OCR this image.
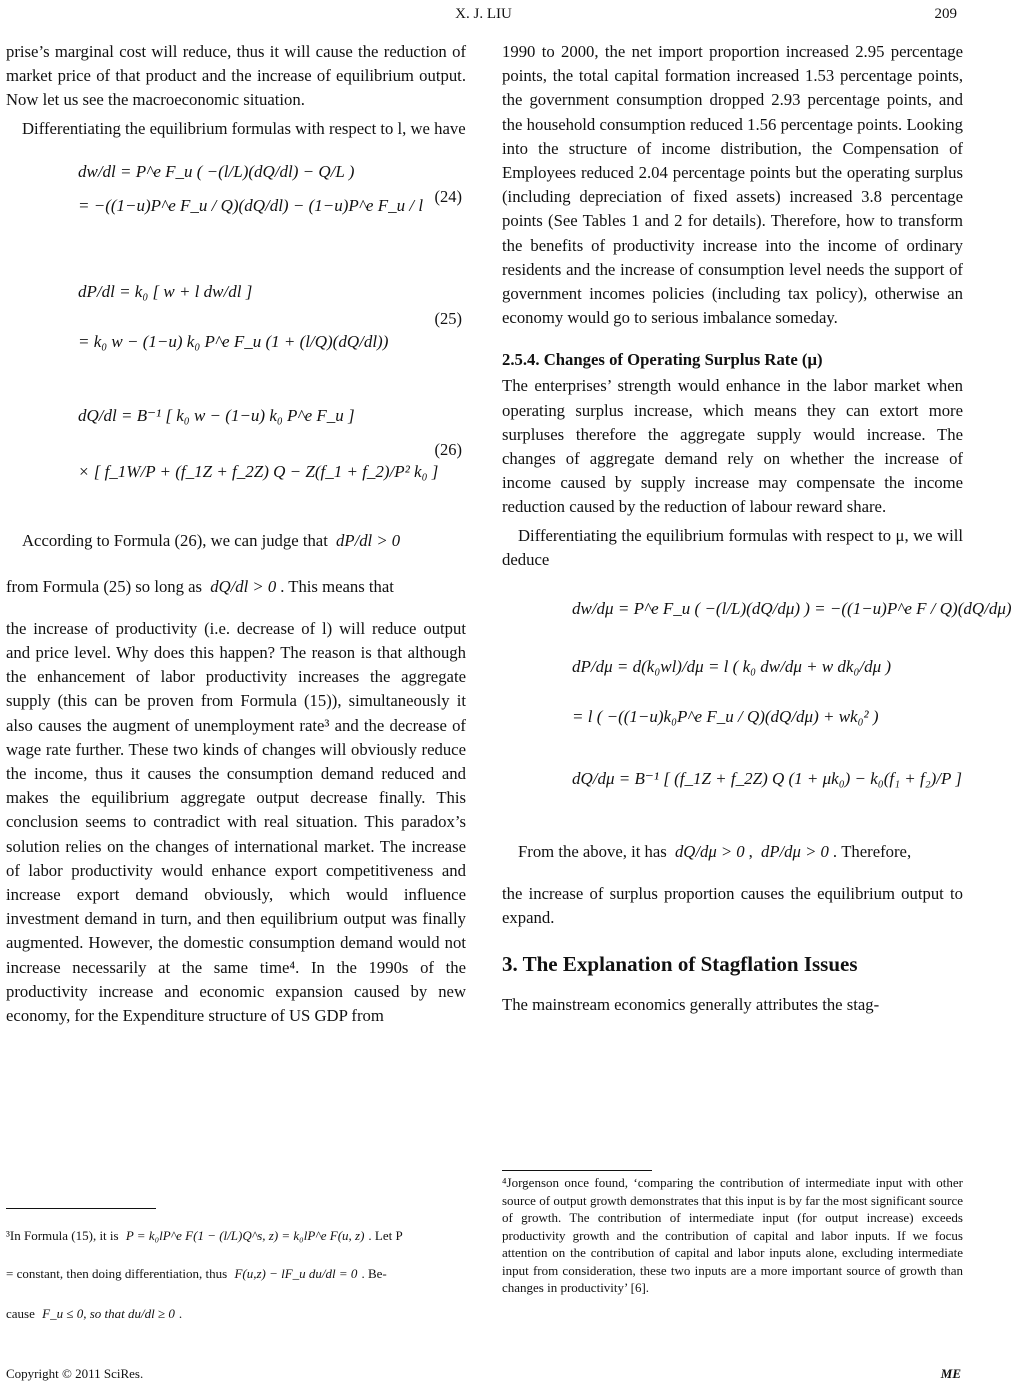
X. J. LIU	209

prise’s marginal cost will reduce, thus it will cause the reduction of market price of that product and the increase of equilibrium output. Now let us see the macroeconomic situation.

Differentiating the equilibrium formulas with respect to l, we have

dw/dl = P^e F_u ( −(l/L)(dQ/dl) − Q/L )
= −((1−u)P^e F_u / Q)(dQ/dl) − (1−u)P^e F_u / l (24)
dP/dl = k₀ [ w + l dw/dl ]
= k₀ w − (1−u) k₀ P^e F_u (1 + (l/Q)(dQ/dl))
(25)
dQ/dl = B⁻¹ [ k₀ w − (1−u) k₀ P^e F_u ]
× [ f_1W/P + (f_1Z + f_2Z) Q − Z(f_1 + f_2)/P² k₀ ]
(26)

According to Formula (26), we can judge that dP/dl > 0

from Formula (25) so long as dQ/dl > 0 . This means that

the increase of productivity (i.e. decrease of l) will reduce output and price level. Why does this happen? The reason is that although the enhancement of labor productivity increases the aggregate supply (this can be proven from Formula (15)), simultaneously it also causes the augment of unemployment rate³ and the decrease of wage rate further. These two kinds of changes will obviously reduce the income, thus it causes the consumption demand reduced and makes the equilibrium aggregate output decrease finally. This conclusion seems to contradict with real situation. This paradox’s solution relies on the changes of international market. The increase of labor productivity would enhance export competitiveness and increase export demand obviously, which would influence investment demand in turn, and then equilibrium output was finally augmented. However, the domestic consumption demand would not increase necessarily at the same time⁴. In the 1990s of the productivity increase and economic expansion caused by new economy, for the Expenditure structure of US GDP from

³In Formula (15), it is P = k₀lP^e F(1 − (l/L)Q^s, z) = k₀lP^e F(u, z) . Let P

= constant, then doing differentiation, thus F(u,z) − lF_u du/dl = 0 . Be-

cause F_u ≤ 0, so that du/dl ≥ 0 .

1990 to 2000, the net import proportion increased 2.95 percentage points, the total capital formation increased 1.53 percentage points, the government consumption dropped 2.93 percentage points, and the household consumption reduced 1.56 percentage points. Looking into the structure of income distribution, the Compensation of Employees reduced 2.04 percentage points but the operating surplus (including depreciation of fixed assets) increased 3.8 percentage points (See Tables 1 and 2 for details). Therefore, how to transform the benefits of productivity increase into the income of ordinary residents and the increase of consumption level needs the support of government incomes policies (including tax policy), otherwise an economy would go to serious imbalance someday.

2.5.4. Changes of Operating Surplus Rate (μ)

The enterprises’ strength would enhance in the labor market when operating surplus increase, which means they can extort more surpluses therefore the aggregate supply would increase. The changes of aggregate demand rely on whether the increase of income caused by supply increase may compensate the income reduction caused by the reduction of labour reward share.

Differentiating the equilibrium formulas with respect to μ, we will deduce

dw/dμ = P^e F_u ( −(l/L)(dQ/dμ) ) = −((1−u)P^e F / Q)(dQ/dμ)
dP/dμ = d(k₀wl)/dμ = l ( k₀ dw/dμ + w dk₀/dμ )
= l ( −((1−u)k₀P^e F_u / Q)(dQ/dμ) + wk₀² )
dQ/dμ = B⁻¹ [ (f_1Z + f_2Z) Q (1 + μk₀) − k₀(f₁ + f₂)/P ]

From the above, it has dQ/dμ > 0 , dP/dμ > 0 . Therefore,

the increase of surplus proportion causes the equilibrium output to expand.

3. The Explanation of Stagflation Issues

The mainstream economics generally attributes the stag-

⁴Jorgenson once found, ‘comparing the contribution of intermediate input with other source of output growth demonstrates that this input is by far the most significant source of growth. The contribution of intermediate input (for output increase) exceeds productivity growth and the contribution of capital and labor inputs. If we focus attention on the contribution of capital and labor inputs alone, excluding intermediate input from consideration, these two inputs are a more important source of growth than changes in productivity’ [6].

Copyright © 2011 SciRes.	ME
